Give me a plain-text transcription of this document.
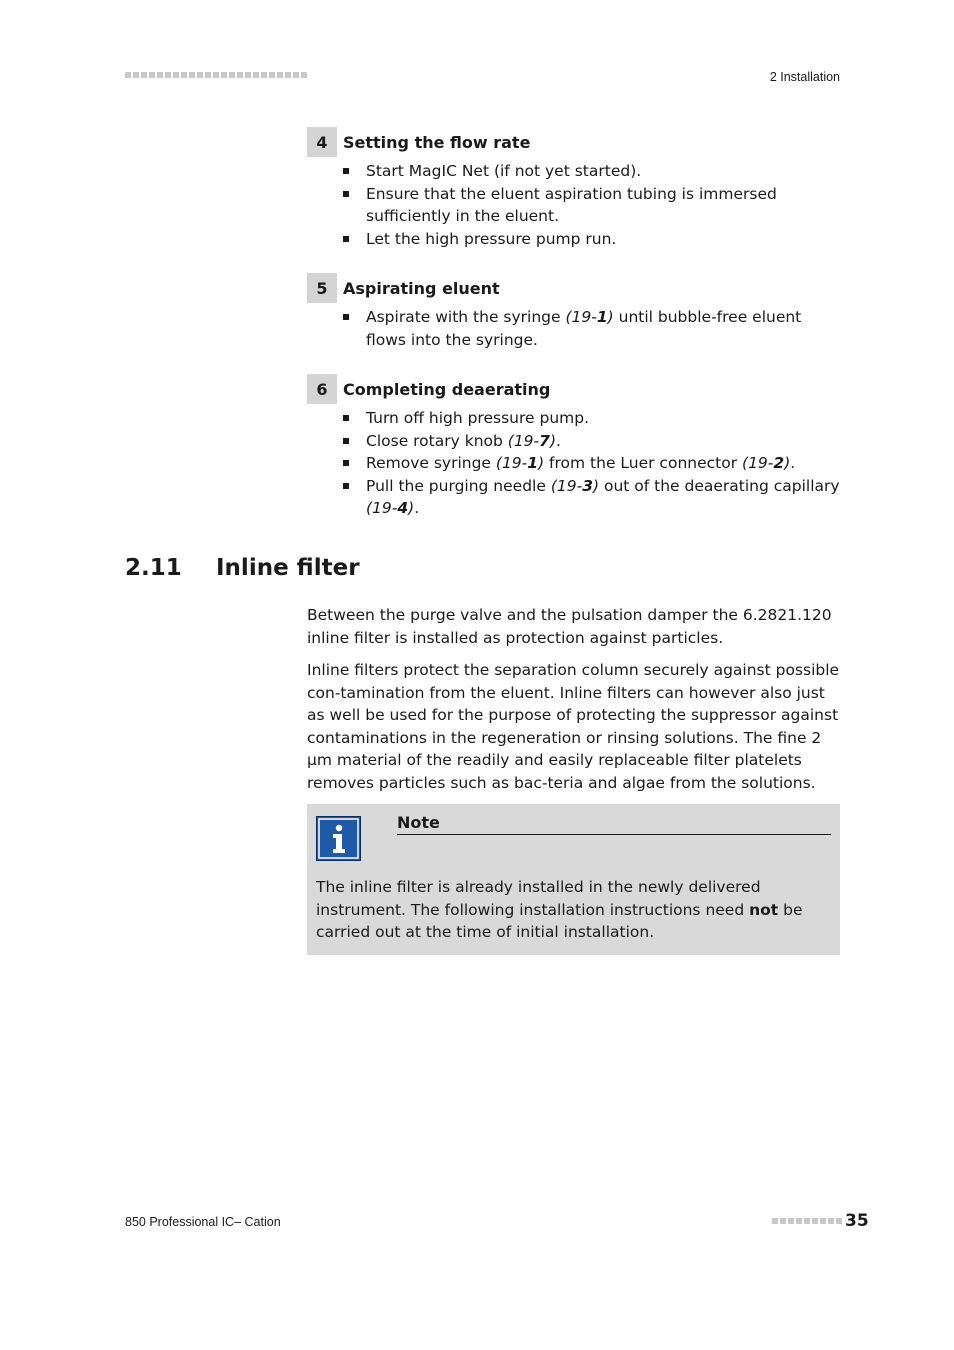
2 Installation
4 Setting the flow rate
Start MagIC Net (if not yet started).
Ensure that the eluent aspiration tubing is immersed sufficiently in the eluent.
Let the high pressure pump run.
5 Aspirating eluent
Aspirate with the syringe (19-1) until bubble-free eluent flows into the syringe.
6 Completing deaerating
Turn off high pressure pump.
Close rotary knob (19-7).
Remove syringe (19-1) from the Luer connector (19-2).
Pull the purging needle (19-3) out of the deaerating capillary (19-4).
2.11	Inline filter

Between the purge valve and the pulsation damper the 6.2821.120 inline filter is installed as protection against particles.

Inline filters protect the separation column securely against possible con-tamination from the eluent. Inline filters can however also just as well be used for the purpose of protecting the suppressor against contaminations in the regeneration or rinsing solutions. The fine 2 µm material of the readily and easily replaceable filter platelets removes particles such as bac-teria and algae from the solutions.

Note
The inline filter is already installed in the newly delivered instrument. The following installation instructions need not be carried out at the time of initial installation.
850 Professional IC– Cation	35
